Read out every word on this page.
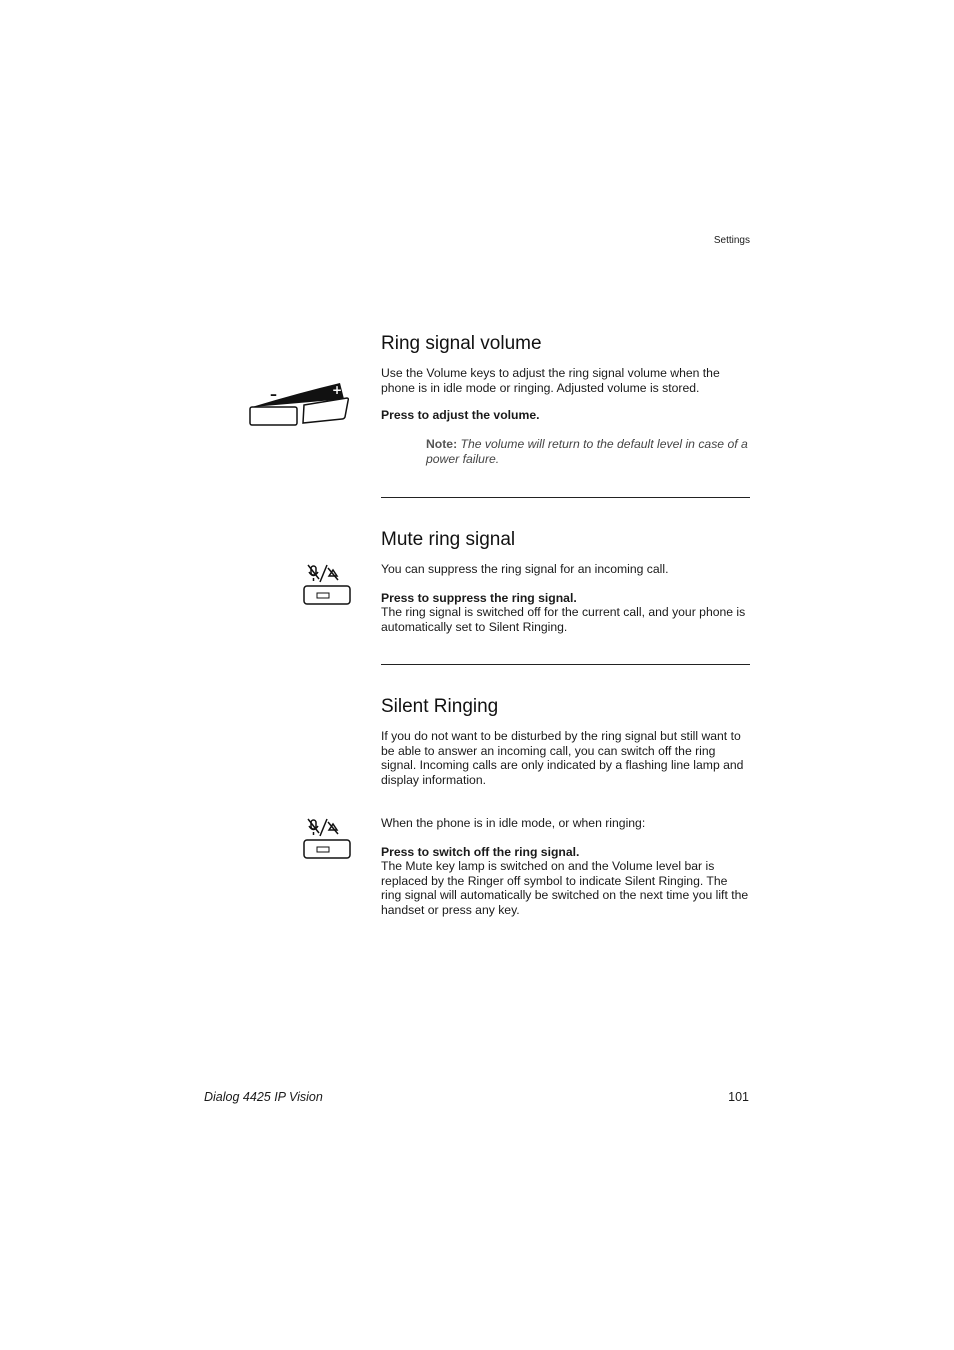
Settings
Ring signal volume

Use the Volume keys to adjust the ring signal volume when the phone is in idle mode or ringing. Adjusted volume is stored.

–	+

Press to adjust the volume.

Note: The volume will return to the default level in case of a power failure.

Mute ring signal

You can suppress the ring signal for an incoming call.

Press to suppress the ring signal.

The ring signal is switched off for the current call, and your phone is automatically set to Silent Ringing.

Silent Ringing

If you do not want to be disturbed by the ring signal but still want to be able to answer an incoming call, you can switch off the ring signal. Incoming calls are only indicated by a flashing line lamp and display information.

When the phone is in idle mode, or when ringing:

Press to switch off the ring signal.

The Mute key lamp is switched on and the Volume level bar is replaced by the Ringer off symbol to indicate Silent Ringing. The ring signal will automatically be switched on the next time you lift the handset or press any key.

Dialog 4425 IP Vision	101
